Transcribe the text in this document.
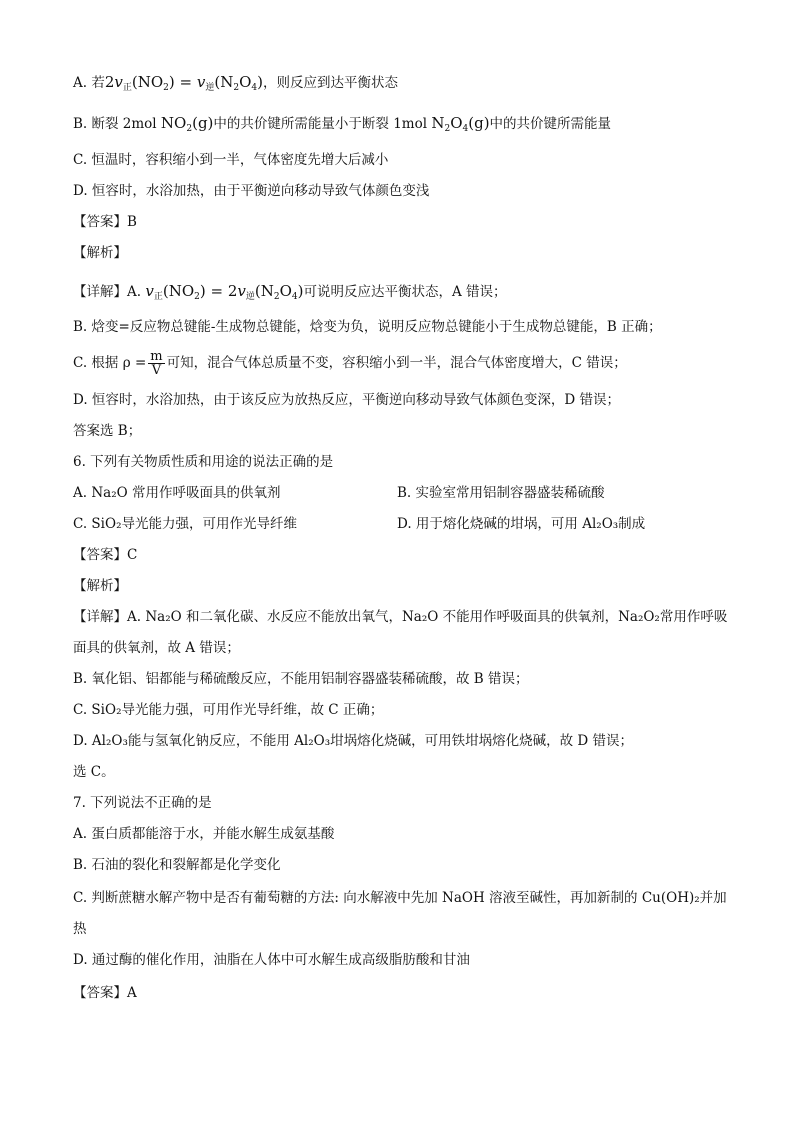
A. 若$2v_正(NO_2) = v_逆(N_2O_4)$，则反应到达平衡状态
B. 断裂 2mol $NO_2(g)$中的共价键所需能量小于断裂 1mol $N_2O_4(g)$中的共价键所需能量
C. 恒温时，容积缩小到一半，气体密度先增大后减小
D. 恒容时，水浴加热，由于平衡逆向移动导致气体颜色变浅
【答案】B
【解析】
【详解】A. $v_正(NO_2) = 2v_逆(N_2O_4)$可说明反应达平衡状态，A 错误；
B. 焓变=反应物总键能-生成物总键能，焓变为负，说明反应物总键能小于生成物总键能，B 正确；
C. 根据 $\rho = \frac{m}{V}$ 可知，混合气体总质量不变，容积缩小到一半，混合气体密度增大，C 错误；
D. 恒容时，水浴加热，由于该反应为放热反应，平衡逆向移动导致气体颜色变深，D 错误；
答案选 B；
6. 下列有关物质性质和用途的说法正确的是
A. Na₂O 常用作呼吸面具的供氧剂	B. 实验室常用铝制容器盛装稀硫酸
C. SiO₂导光能力强，可用作光导纤维	D. 用于熔化烧碱的坩埚，可用 Al₂O₃制成
【答案】C
【解析】
【详解】A. Na₂O 和二氧化碳、水反应不能放出氧气，Na₂O 不能用作呼吸面具的供氧剂，Na₂O₂常用作呼吸
面具的供氧剂，故 A 错误；
B. 氧化铝、铝都能与稀硫酸反应，不能用铝制容器盛装稀硫酸，故 B 错误；
C. SiO₂导光能力强，可用作光导纤维，故 C 正确；
D. Al₂O₃能与氢氧化钠反应，不能用 Al₂O₃坩埚熔化烧碱，可用铁坩埚熔化烧碱，故 D 错误；
选 C。
7. 下列说法不正确的是
A. 蛋白质都能溶于水，并能水解生成氨基酸
B. 石油的裂化和裂解都是化学变化
C. 判断蔗糖水解产物中是否有葡萄糖的方法: 向水解液中先加 NaOH 溶液至碱性，再加新制的 Cu(OH)₂并加
热
D. 通过酶的催化作用，油脂在人体中可水解生成高级脂肪酸和甘油
【答案】A
